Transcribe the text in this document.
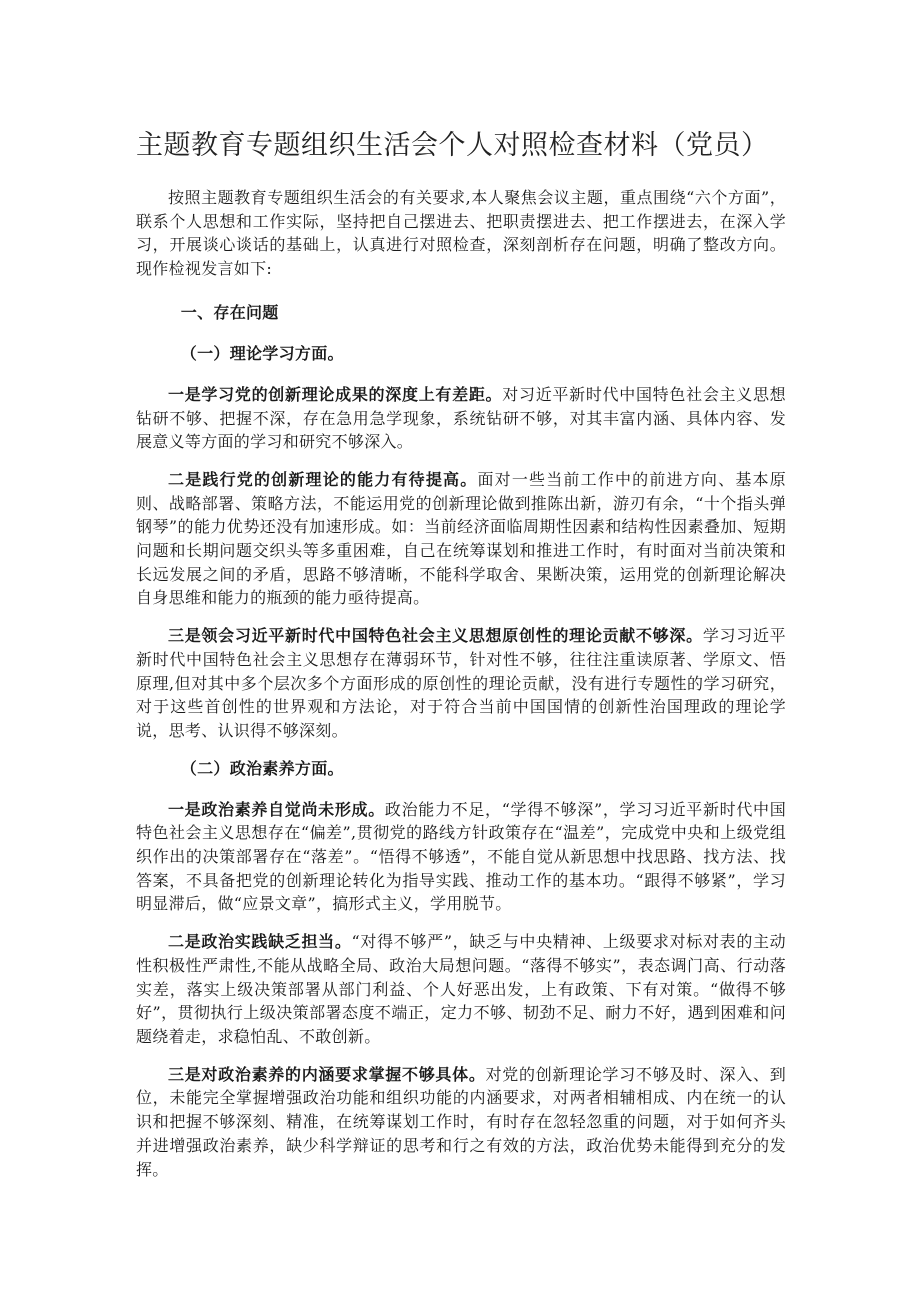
主题教育专题组织生活会个人对照检查材料（党员）

按照主题教育专题组织生活会的有关要求,本人聚焦会议主题，重点围绕“六个方面”，联系个人思想和工作实际，坚持把自己摆进去、把职责摆进去、把工作摆进去，在深入学习，开展谈心谈话的基础上，认真进行对照检查，深刻剖析存在问题，明确了整改方向。现作检视发言如下:

一、存在问题
（一）理论学习方面。

一是学习党的创新理论成果的深度上有差距。对习近平新时代中国特色社会主义思想钻研不够、把握不深，存在急用急学现象，系统钻研不够，对其丰富内涵、具体内容、发展意义等方面的学习和研究不够深入。

二是践行党的创新理论的能力有待提高。面对一些当前工作中的前进方向、基本原则、战略部署、策略方法，不能运用党的创新理论做到推陈出新，游刃有余，“十个指头弹钢琴”的能力优势还没有加速形成。如：当前经济面临周期性因素和结构性因素叠加、短期问题和长期问题交织头等多重困难，自己在统筹谋划和推进工作时，有时面对当前决策和长远发展之间的矛盾，思路不够清晰，不能科学取舍、果断决策，运用党的创新理论解决自身思维和能力的瓶颈的能力亟待提高。

三是领会习近平新时代中国特色社会主义思想原创性的理论贡献不够深。学习习近平新时代中国特色社会主义思想存在薄弱环节，针对性不够，往往注重读原著、学原文、悟原理,但对其中多个层次多个方面形成的原创性的理论贡献，没有进行专题性的学习研究，对于这些首创性的世界观和方法论，对于符合当前中国国情的创新性治国理政的理论学说，思考、认识得不够深刻。

（二）政治素养方面。

一是政治素养自觉尚未形成。政治能力不足，“学得不够深”，学习习近平新时代中国特色社会主义思想存在“偏差”,贯彻党的路线方针政策存在“温差”，完成党中央和上级党组织作出的决策部署存在“落差”。“悟得不够透”，不能自觉从新思想中找思路、找方法、找答案，不具备把党的创新理论转化为指导实践、推动工作的基本功。“跟得不够紧”，学习明显滞后，做“应景文章”，搞形式主义，学用脱节。

二是政治实践缺乏担当。“对得不够严”，缺乏与中央精神、上级要求对标对表的主动性积极性严肃性,不能从战略全局、政治大局想问题。“落得不够实”，表态调门高、行动落实差，落实上级决策部署从部门利益、个人好恶出发，上有政策、下有对策。“做得不够好”，贯彻执行上级决策部署态度不端正，定力不够、韧劲不足、耐力不好，遇到困难和问题绕着走，求稳怕乱、不敢创新。

三是对政治素养的内涵要求掌握不够具体。对党的创新理论学习不够及时、深入、到位，未能完全掌握增强政治功能和组织功能的内涵要求，对两者相辅相成、内在统一的认识和把握不够深刻、精准，在统筹谋划工作时，有时存在忽轻忽重的问题，对于如何齐头并进增强政治素养，缺少科学辩证的思考和行之有效的方法，政治优势未能得到充分的发挥。
